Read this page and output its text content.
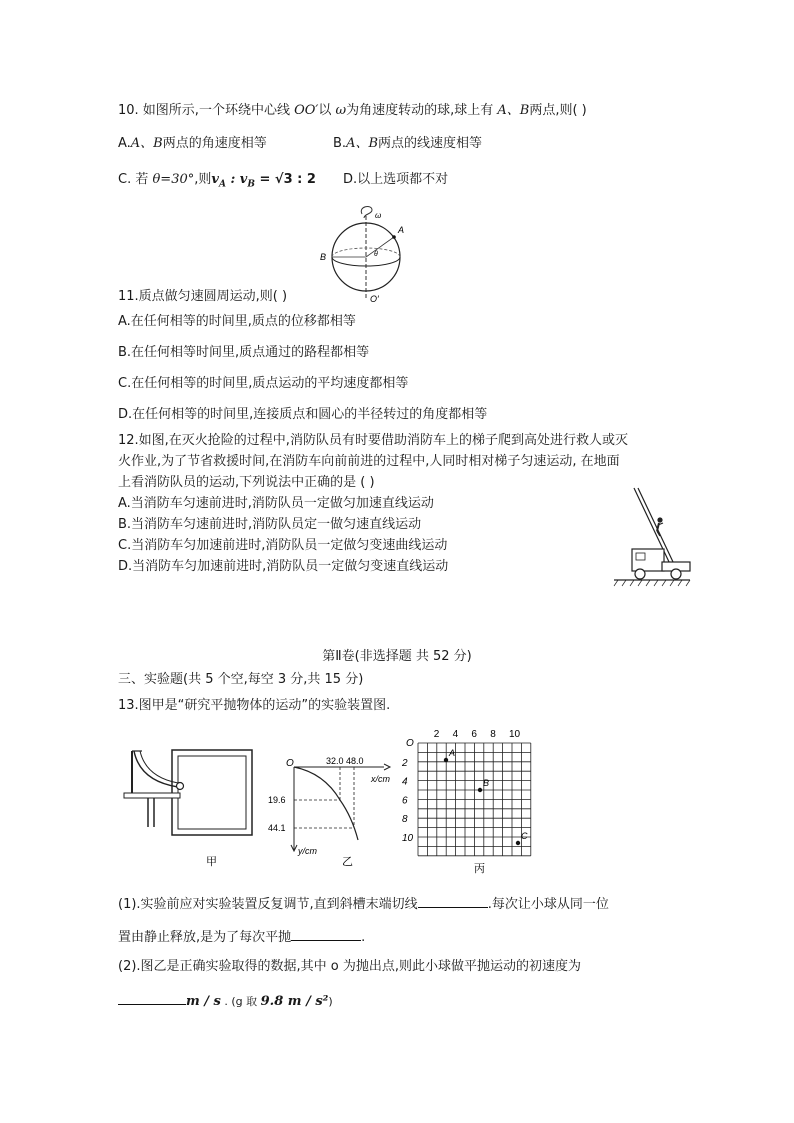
10. 如图所示,一个环绕中心线 OO′以 ω为角速度转动的球,球上有 A、B两点,则( )
A.A、B两点的角速度相等	B.A、B两点的线速度相等
C. 若 θ=30°,则$v_A$ : $v_B = √3$ : 2 D.以上选项都不对
ω
A
B	θ
O′
11.质点做匀速圆周运动,则( )
A.在任何相等的时间里,质点的位移都相等
B.在任何相等时间里,质点通过的路程都相等
C.在任何相等的时间里,质点运动的平均速度都相等
D.在任何相等的时间里,连接质点和圆心的半径转过的角度都相等
12.如图,在灭火抢险的过程中,消防队员有时要借助消防车上的梯子爬到高处进行救人或灭
火作业,为了节省救援时间,在消防车向前前进的过程中,人同时相对梯子匀速运动, 在地面
上看消防队员的运动,下列说法中正确的是 ( )
A.当消防车匀速前进时,消防队员一定做匀加速直线运动
B.当消防车匀速前进时,消防队员定一做匀速直线运动
C.当消防车匀加速前进时,消防队员一定做匀变速曲线运动
D.当消防车匀加速前进时,消防队员一定做匀变速直线运动
第Ⅱ卷(非选择题 共 52 分)
三、实验题(共 5 个空,每空 3 分,共 15 分)
13.图甲是“研究平抛物体的运动”的实验装置图.
甲
O	32.0 48.0
x/cm
19.6
44.1
y/cm
乙
O
2 4 6 8 10
2
4
6
8
10
A
B
C
丙
(1).实验前应对实验装置反复调节,直到斜槽末端切线	.每次让小球从同一位
置由静止释放,是为了每次平抛	.
(2).图乙是正确实验取得的数据,其中 o 为抛出点,则此小球做平抛运动的初速度为
m / s . (g 取 9.8 m / s²)
